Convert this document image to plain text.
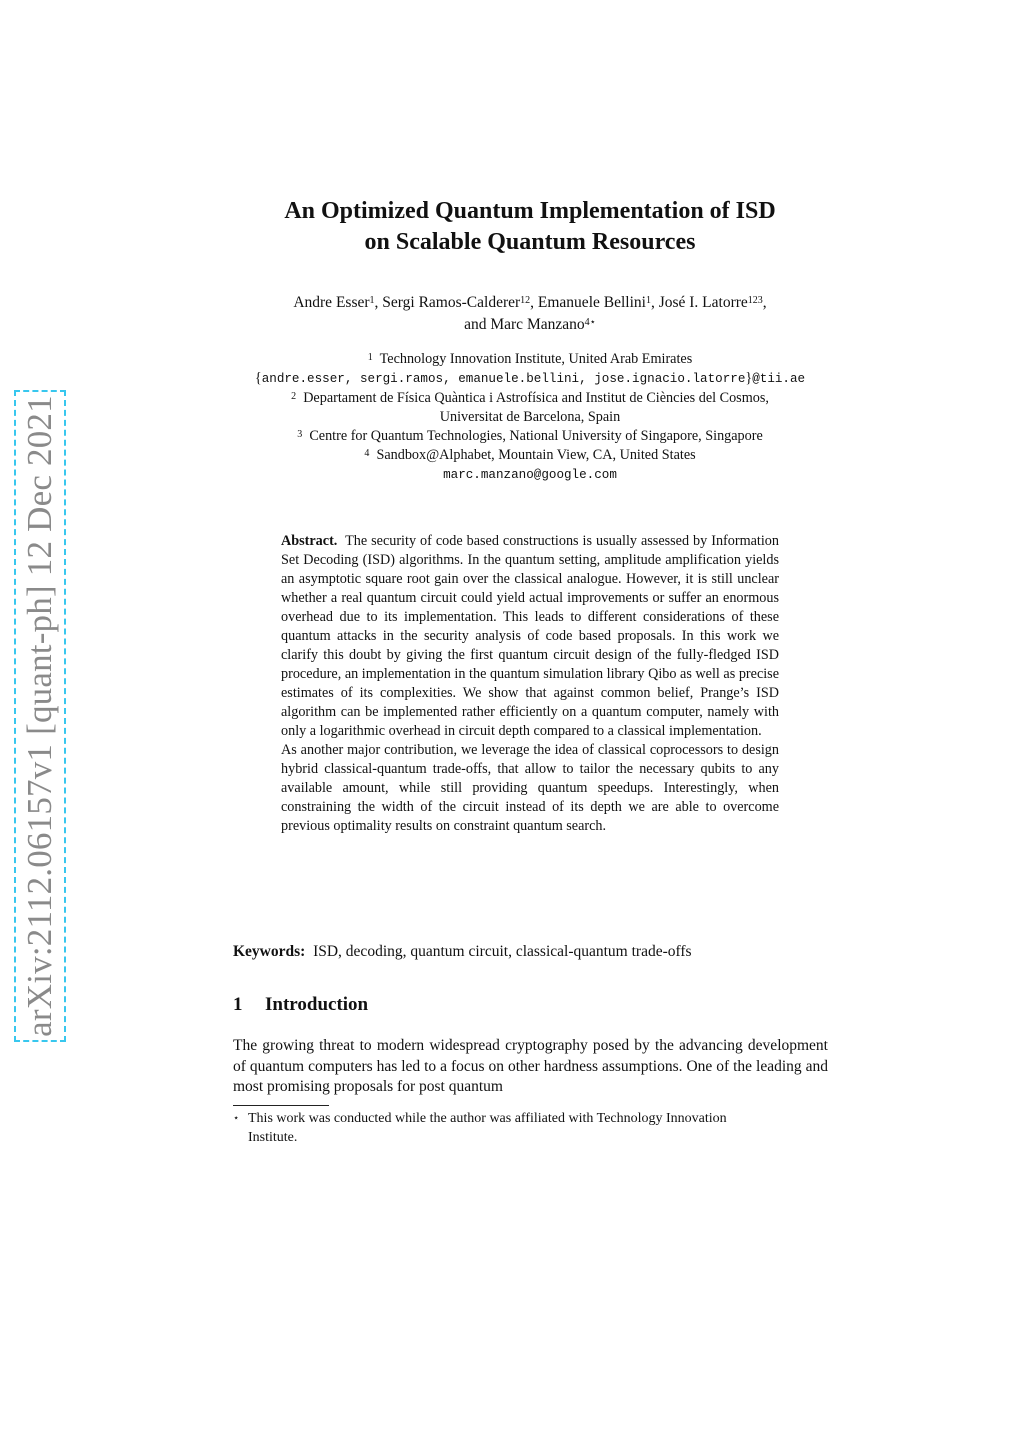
arXiv:2112.06157v1 [quant-ph] 12 Dec 2021
An Optimized Quantum Implementation of ISD
on Scalable Quantum Resources
Andre Esser$^1$, Sergi Ramos-Calderer$^{12}$, Emanuele Bellini$^1$, José I. Latorre$^{123}$,
and Marc Manzano$^{4⋆}$
$^1$ Technology Innovation Institute, United Arab Emirates
{andre.esser, sergi.ramos, emanuele.bellini, jose.ignacio.latorre}@tii.ae
$^2$ Departament de Física Quàntica i Astrofísica and Institut de Ciències del Cosmos,
Universitat de Barcelona, Spain
$^3$ Centre for Quantum Technologies, National University of Singapore, Singapore
$^4$ Sandbox@Alphabet, Mountain View, CA, United States
marc.manzano@google.com

Abstract. The security of code based constructions is usually assessed by Information Set Decoding (ISD) algorithms. In the quantum setting, amplitude amplification yields an asymptotic square root gain over the classical analogue. However, it is still unclear whether a real quantum circuit could yield actual improvements or suffer an enormous overhead due to its implementation. This leads to different considerations of these quantum attacks in the security analysis of code based proposals. In this work we clarify this doubt by giving the first quantum circuit design of the fully-fledged ISD procedure, an implementation in the quantum simulation library Qibo as well as precise estimates of its complexities. We show that against common belief, Prange’s ISD algorithm can be implemented rather efficiently on a quantum computer, namely with only a logarithmic overhead in circuit depth compared to a classical implementation.

As another major contribution, we leverage the idea of classical coprocessors to design hybrid classical-quantum trade-offs, that allow to tailor the necessary qubits to any available amount, while still providing quantum speedups. Interestingly, when constraining the width of the circuit instead of its depth we are able to overcome previous optimality results on constraint quantum search.

Keywords: ISD, decoding, quantum circuit, classical-quantum trade-offs
1 Introduction

The growing threat to modern widespread cryptography posed by the advancing development of quantum computers has led to a focus on other hardness assumptions. One of the leading and most promising proposals for post quantum

⋆ This work was conducted while the author was affiliated with Technology Innovation
Institute.
